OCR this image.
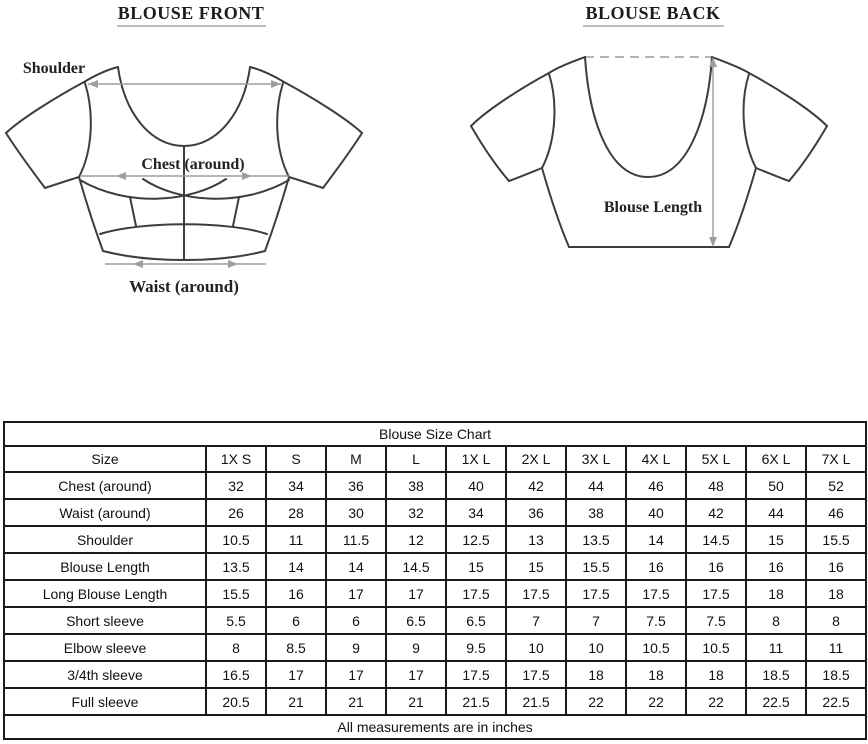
BLOUSE FRONT	BLOUSE BACK
Shoulder
Chest (around)
Waist (around)
Blouse Length
Blouse Size Chart											
Size	1X S	S	M	L	1X L	2X L	3X L	4X L	5X L	6X L	7X L
Chest (around)	32	34	36	38	40	42	44	46	48	50	52
Waist (around)	26	28	30	32	34	36	38	40	42	44	46
Shoulder	10.5	11	11.5	12	12.5	13	13.5	14	14.5	15	15.5
Blouse Length	13.5	14	14	14.5	15	15	15.5	16	16	16	16
Long Blouse Length	15.5	16	17	17	17.5	17.5	17.5	17.5	17.5	18	18
Short sleeve	5.5	6	6	6.5	6.5	7	7	7.5	7.5	8	8
Elbow sleeve	8	8.5	9	9	9.5	10	10	10.5	10.5	11	11
3/4th sleeve	16.5	17	17	17	17.5	17.5	18	18	18	18.5	18.5
Full sleeve	20.5	21	21	21	21.5	21.5	22	22	22	22.5	22.5
All measurements are in inches											
